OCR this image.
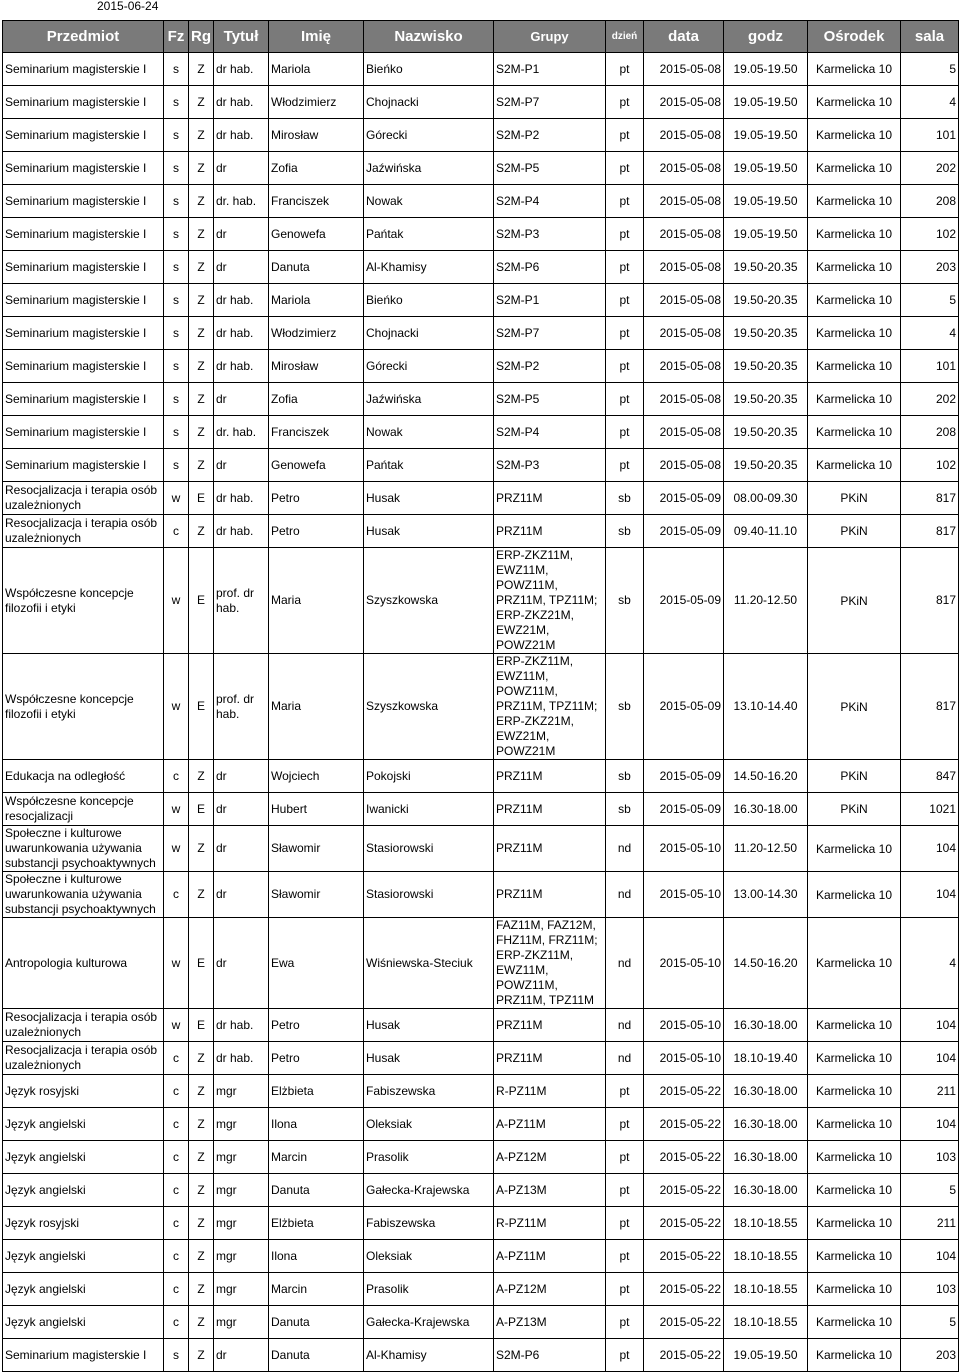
2015-06-24
Przedmiot	Fz	Rg	Tytuł	Imię	Nazwisko	Grupy	dzień	data	godz	Ośrodek	sala
Seminarium magisterskie I	s	Z	dr hab.	Mariola	Bieńko	S2M-P1	pt	2015-05-08	19.05-19.50	Karmelicka 10	5
Seminarium magisterskie I	s	Z	dr hab.	Włodzimierz	Chojnacki	S2M-P7	pt	2015-05-08	19.05-19.50	Karmelicka 10	4
Seminarium magisterskie I	s	Z	dr hab.	Mirosław	Górecki	S2M-P2	pt	2015-05-08	19.05-19.50	Karmelicka 10	101
Seminarium magisterskie I	s	Z	dr	Zofia	Jaźwińska	S2M-P5	pt	2015-05-08	19.05-19.50	Karmelicka 10	202
Seminarium magisterskie I	s	Z	dr. hab.	Franciszek	Nowak	S2M-P4	pt	2015-05-08	19.05-19.50	Karmelicka 10	208
Seminarium magisterskie I	s	Z	dr	Genowefa	Pańtak	S2M-P3	pt	2015-05-08	19.05-19.50	Karmelicka 10	102
Seminarium magisterskie I	s	Z	dr	Danuta	Al-Khamisy	S2M-P6	pt	2015-05-08	19.50-20.35	Karmelicka 10	203
Seminarium magisterskie I	s	Z	dr hab.	Mariola	Bieńko	S2M-P1	pt	2015-05-08	19.50-20.35	Karmelicka 10	5
Seminarium magisterskie I	s	Z	dr hab.	Włodzimierz	Chojnacki	S2M-P7	pt	2015-05-08	19.50-20.35	Karmelicka 10	4
Seminarium magisterskie I	s	Z	dr hab.	Mirosław	Górecki	S2M-P2	pt	2015-05-08	19.50-20.35	Karmelicka 10	101
Seminarium magisterskie I	s	Z	dr	Zofia	Jaźwińska	S2M-P5	pt	2015-05-08	19.50-20.35	Karmelicka 10	202
Seminarium magisterskie I	s	Z	dr. hab.	Franciszek	Nowak	S2M-P4	pt	2015-05-08	19.50-20.35	Karmelicka 10	208
Seminarium magisterskie I	s	Z	dr	Genowefa	Pańtak	S2M-P3	pt	2015-05-08	19.50-20.35	Karmelicka 10	102
Resocjalizacja i terapia osób uzależnionych	w	E	dr hab.	Petro	Husak	PRZ11M	sb	2015-05-09	08.00-09.30	PKiN	817
Resocjalizacja i terapia osób uzależnionych	c	Z	dr hab.	Petro	Husak	PRZ11M	sb	2015-05-09	09.40-11.10	PKiN	817
Współczesne koncepcje filozofii i etyki	w	E	prof. dr hab.	Maria	Szyszkowska	ERP-ZKZ11M, EWZ11M, POWZ11M, PRZ11M, TPZ11M; ERP-ZKZ21M, EWZ21M, POWZ21M	sb	2015-05-09	11.20-12.50	PKiN	817
Współczesne koncepcje filozofii i etyki	w	E	prof. dr hab.	Maria	Szyszkowska	ERP-ZKZ11M, EWZ11M, POWZ11M, PRZ11M, TPZ11M; ERP-ZKZ21M, EWZ21M, POWZ21M	sb	2015-05-09	13.10-14.40	PKiN	817
Edukacja na odległość	c	Z	dr	Wojciech	Pokojski	PRZ11M	sb	2015-05-09	14.50-16.20	PKiN	847
Współczesne koncepcje resocjalizacji	w	E	dr	Hubert	Iwanicki	PRZ11M	sb	2015-05-09	16.30-18.00	PKiN	1021
Społeczne i kulturowe uwarunkowania używania substancji psychoaktywnych	w	Z	dr	Sławomir	Stasiorowski	PRZ11M	nd	2015-05-10	11.20-12.50	Karmelicka 10	104
Społeczne i kulturowe uwarunkowania używania substancji psychoaktywnych	c	Z	dr	Sławomir	Stasiorowski	PRZ11M	nd	2015-05-10	13.00-14.30	Karmelicka 10	104
Antropologia kulturowa	w	E	dr	Ewa	Wiśniewska-Steciuk	FAZ11M, FAZ12M, FHZ11M, FRZ11M; ERP-ZKZ11M, EWZ11M, POWZ11M, PRZ11M, TPZ11M	nd	2015-05-10	14.50-16.20	Karmelicka 10	4
Resocjalizacja i terapia osób uzależnionych	w	E	dr hab.	Petro	Husak	PRZ11M	nd	2015-05-10	16.30-18.00	Karmelicka 10	104
Resocjalizacja i terapia osób uzależnionych	c	Z	dr hab.	Petro	Husak	PRZ11M	nd	2015-05-10	18.10-19.40	Karmelicka 10	104
Język rosyjski	c	Z	mgr	Elżbieta	Fabiszewska	R-PZ11M	pt	2015-05-22	16.30-18.00	Karmelicka 10	211
Język angielski	c	Z	mgr	Ilona	Oleksiak	A-PZ11M	pt	2015-05-22	16.30-18.00	Karmelicka 10	104
Język angielski	c	Z	mgr	Marcin	Prasolik	A-PZ12M	pt	2015-05-22	16.30-18.00	Karmelicka 10	103
Język angielski	c	Z	mgr	Danuta	Gałecka-Krajewska	A-PZ13M	pt	2015-05-22	16.30-18.00	Karmelicka 10	5
Język rosyjski	c	Z	mgr	Elżbieta	Fabiszewska	R-PZ11M	pt	2015-05-22	18.10-18.55	Karmelicka 10	211
Język angielski	c	Z	mgr	Ilona	Oleksiak	A-PZ11M	pt	2015-05-22	18.10-18.55	Karmelicka 10	104
Język angielski	c	Z	mgr	Marcin	Prasolik	A-PZ12M	pt	2015-05-22	18.10-18.55	Karmelicka 10	103
Język angielski	c	Z	mgr	Danuta	Gałecka-Krajewska	A-PZ13M	pt	2015-05-22	18.10-18.55	Karmelicka 10	5
Seminarium magisterskie I	s	Z	dr	Danuta	Al-Khamisy	S2M-P6	pt	2015-05-22	19.05-19.50	Karmelicka 10	203
